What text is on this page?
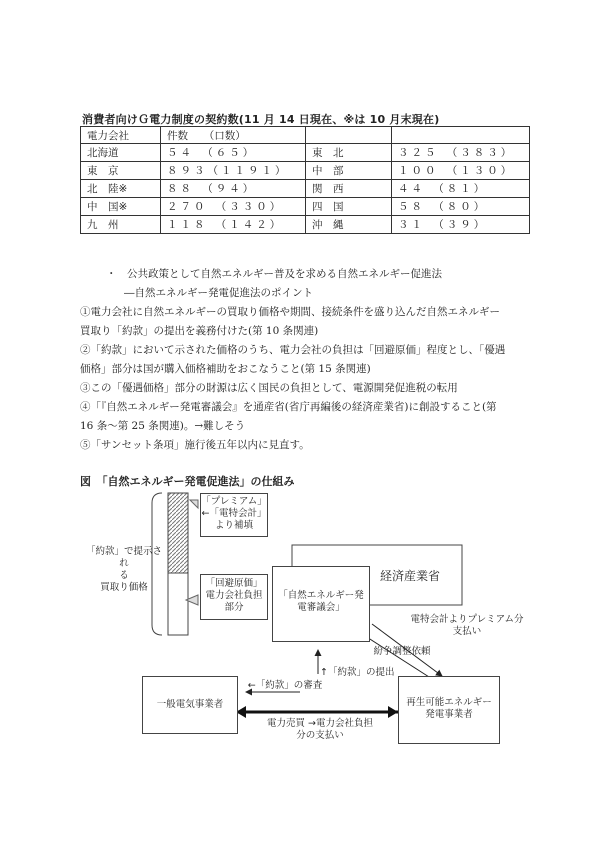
消費者向けＧ電力制度の契約数(11 月 14 日現在、※は 10 月末現在)
電力会社	件数　　（口数）		
北海道	５４　（６５）	東　北	３２５　（３８３）
東　京	８９３（１１９１）	中　部	１００　（１３０）
北　陸※	８８　（９４）	関　西	４４　（８１）
中　国※	２７０　（３３０）	四　国	５８　（８０）
九　州	１１８　（１４２）	沖　縄	３１　（３９）
・　公共政策として自然エネルギー普及を求める自然エネルギー促進法
―自然エネルギー発電促進法のポイント
①電力会社に自然エネルギーの買取り価格や期間、接続条件を盛り込んだ自然エネルギー
買取り「約款」の提出を義務付けた(第 10 条関連)
②「約款」において示された価格のうち、電力会社の負担は「回避原価」程度とし、「優遇
価格」部分は国が購入価格補助をおこなうこと(第 15 条関連)
③この「優遇価格」部分の財源は広く国民の負担として、電源開発促進税の転用
④「『自然エネルギー発電審議会』を通産省(省庁再編後の経済産業省)に創設すること(第
16 条～第 25 条関連)。→難しそう
⑤「サンセット条項」施行後五年以内に見直す。
図　「自然エネルギー発電促進法」の仕組み
「プレミアム」
←「電特会計」
より補填
「約款」で提示され
る
買取り価格	「回避原価」
電力会社負担
部分
経済産業省
「自然エネルギー発
電審議会」
電特会計よりプレミアム分
支払い
紛争調整依頼
↑「約款」の提出
←「約款」の審査
一般電気事業者	再生可能エネルギー
発電事業者
電力売買 →電力会社負担
分の支払い
